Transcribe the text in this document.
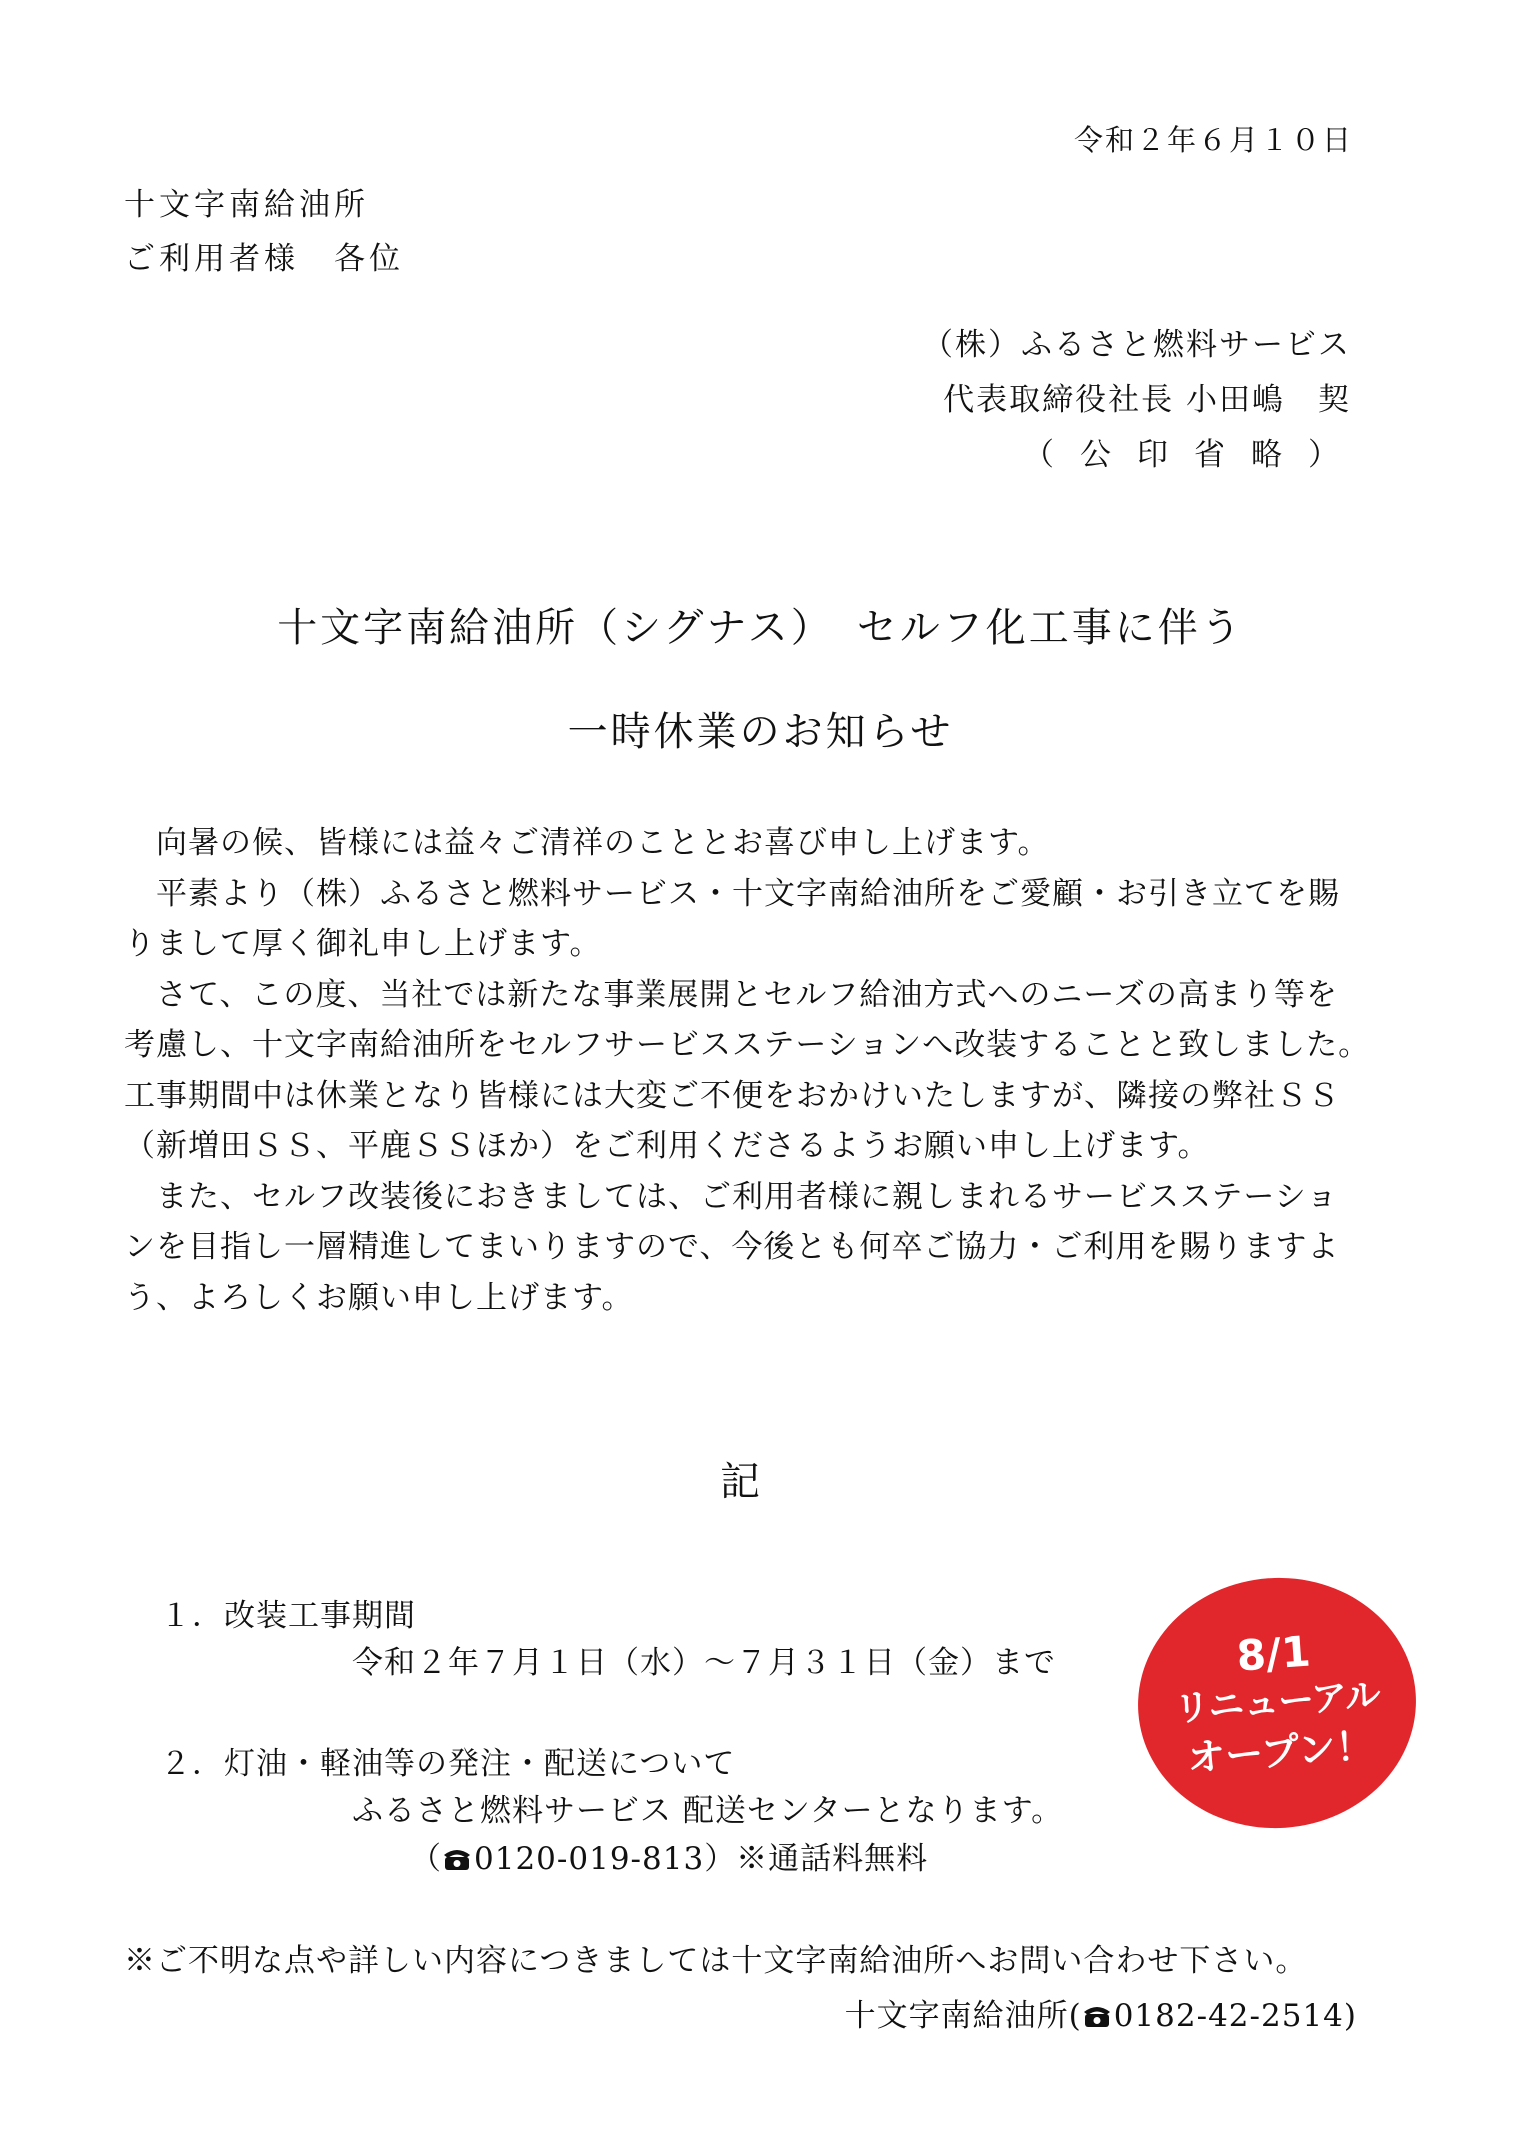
令和２年６月１０日
十文字南給油所
ご利用者様　各位
（株）ふるさと燃料サービス
代表取締役社長 小田嶋　契
（公印省略）
十文字南給油所（シグナス）　セルフ化工事に伴う
一時休業のお知らせ
　向暑の候、皆様には益々ご清祥のこととお喜び申し上げます。
　平素より（株）ふるさと燃料サービス・十文字南給油所をご愛顧・お引き立てを賜
りまして厚く御礼申し上げます。
　さて、この度、当社では新たな事業展開とセルフ給油方式へのニーズの高まり等を
考慮し、十文字南給油所をセルフサービスステーションへ改装することと致しました。
工事期間中は休業となり皆様には大変ご不便をおかけいたしますが、隣接の弊社ＳＳ
（新増田ＳＳ、平鹿ＳＳほか）をご利用くださるようお願い申し上げます。
　また、セルフ改装後におきましては、ご利用者様に親しまれるサービスステーショ
ンを目指し一層精進してまいりますので、今後とも何卒ご協力・ご利用を賜りますよ
う、よろしくお願い申し上げます。
記
１．改装工事期間
令和２年７月１日（水）～７月３１日（金）まで
２．灯油・軽油等の発注・配送について
ふるさと燃料サービス 配送センターとなります。
（ 0120-019-813）※通話料無料
8/1
リニューアル
オープン！
※ご不明な点や詳しい内容につきましては十文字南給油所へお問い合わせ下さい。
十文字南給油所( 0182-42-2514)
